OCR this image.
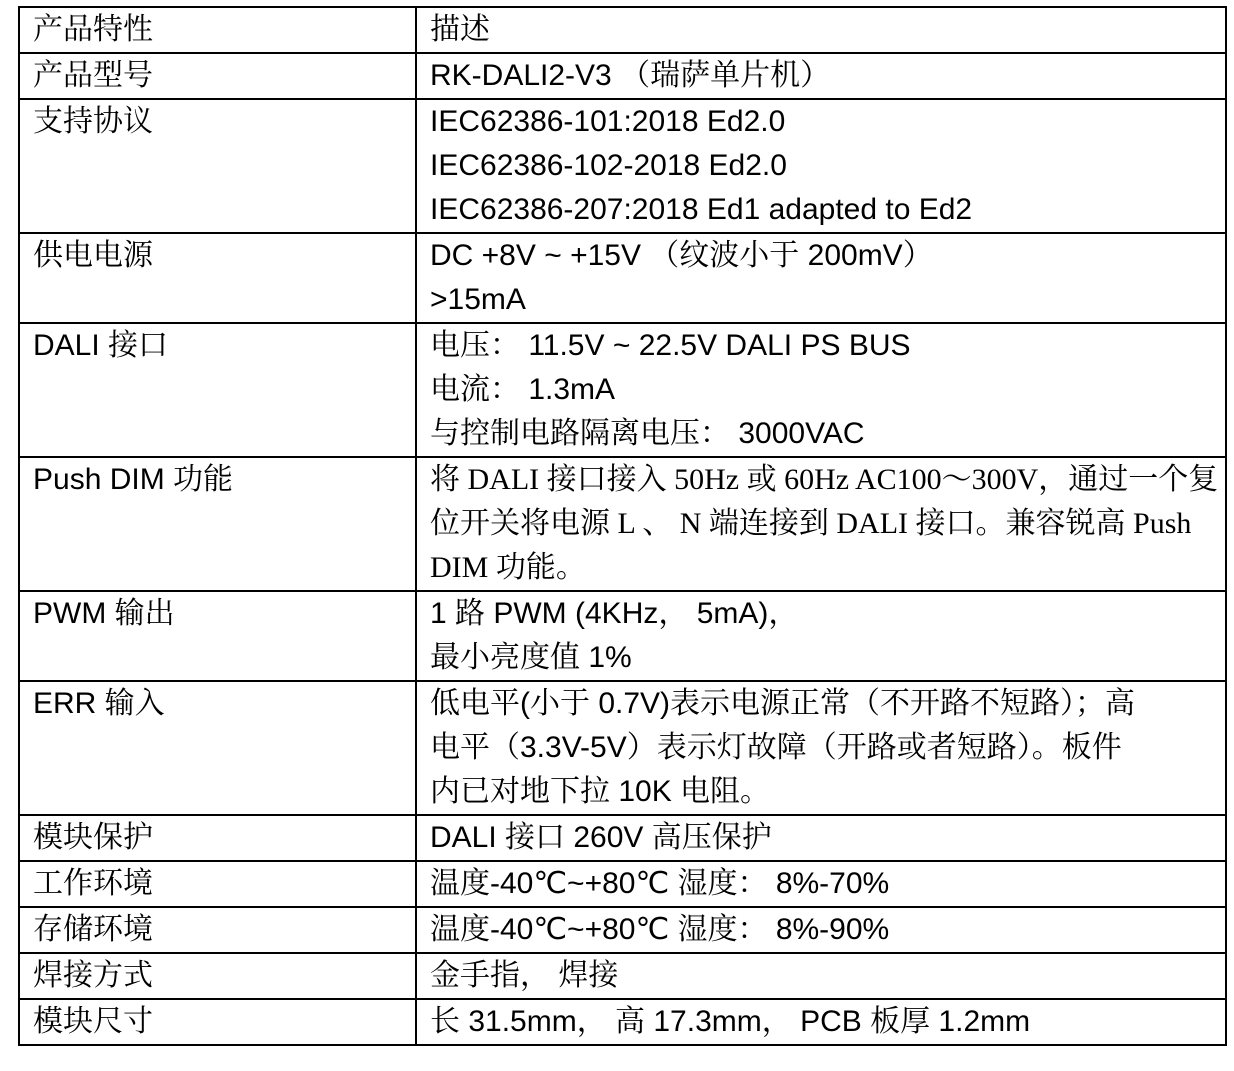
产品特性	描述

产品型号	RK-DALI2-V3 （瑞萨单片机）

支持协议	IEC62386-101:2018 Ed2.0
IEC62386-102-2018 Ed2.0
IEC62386-207:2018 Ed1 adapted to Ed2

供电电源	DC +8V ~ +15V （纹波小于 200mV）
>15mA

DALI 接口	电压： 11.5V ~ 22.5V DALI PS BUS
电流： 1.3mA
与控制电路隔离电压： 3000VAC

Push DIM 功能	将 DALI 接口接入 50Hz 或 60Hz AC100～300V，通过一个复
位开关将电源 L 、 N 端连接到 DALI 接口。兼容锐高 Push
DIM 功能。

PWM 输出	1 路 PWM (4KHz， 5mA)，
最小亮度值 1%

ERR 输入	低电平(小于 0.7V)表示电源正常（不开路不短路）；高
电平（3.3V-5V）表示灯故障（开路或者短路）。板件
内已对地下拉 10K 电阻。

模块保护	DALI 接口 260V 高压保护

工作环境	温度-40℃~+80℃ 湿度： 8%-70%

存储环境	温度-40℃~+80℃ 湿度： 8%-90%

焊接方式	金手指， 焊接

模块尺寸	长 31.5mm， 高 17.3mm， PCB 板厚 1.2mm
